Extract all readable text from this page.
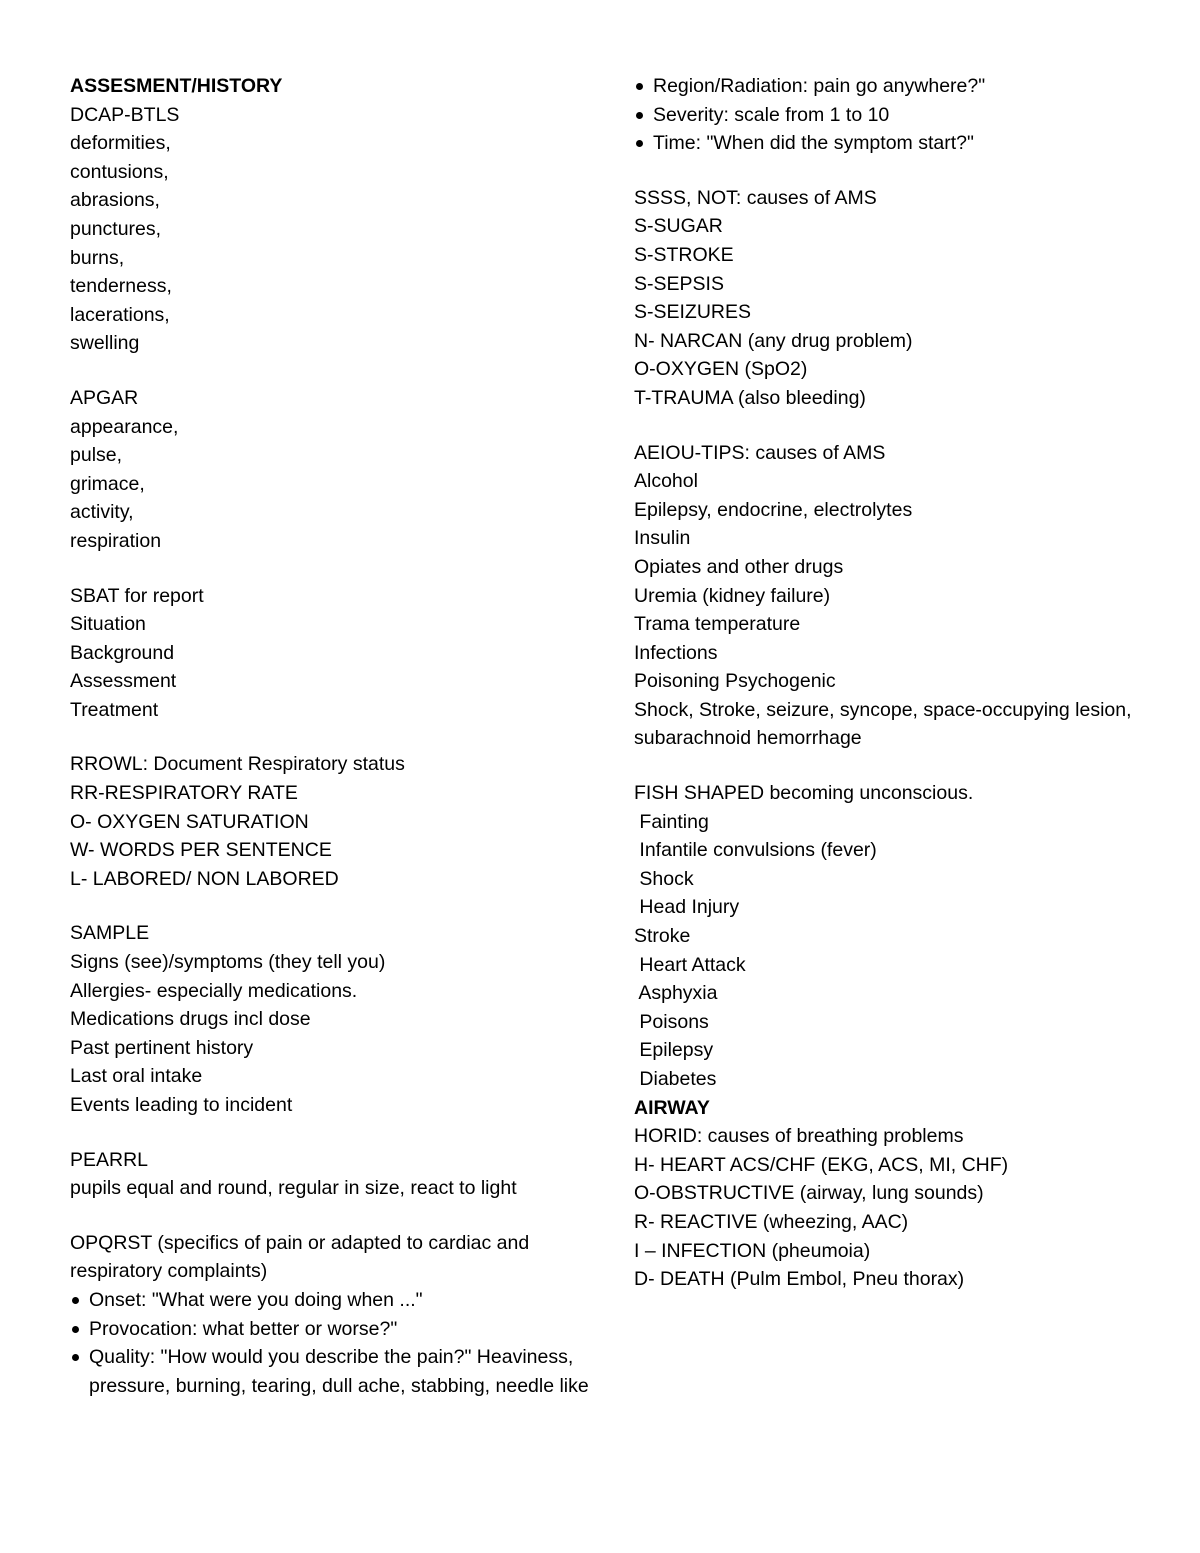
ASSESMENT/HISTORY
DCAP-BTLS
deformities,
contusions,
abrasions,
punctures,
burns,
tenderness,
lacerations,
swelling
APGAR
appearance,
pulse,
grimace,
activity,
respiration
SBAT for report
Situation
Background
Assessment
Treatment
RROWL: Document Respiratory status
RR-RESPIRATORY RATE
O- OXYGEN SATURATION
W- WORDS PER SENTENCE
L- LABORED/ NON LABORED
SAMPLE
Signs (see)/symptoms (they tell you)
Allergies- especially medications.
Medications drugs incl dose
Past pertinent history
Last oral intake
Events leading to incident
PEARRL
pupils equal and round, regular in size, react to light
OPQRST (specifics of pain or adapted to cardiac and respiratory complaints)
Onset: "What were you doing when ..."
Provocation: what better or worse?"
Quality: "How would you describe the pain?" Heaviness, pressure, burning, tearing, dull ache, stabbing, needle like
Region/Radiation: pain go anywhere?"
Severity: scale from 1 to 10
Time: "When did the symptom start?"
SSSS, NOT: causes of AMS
S-SUGAR
S-STROKE
S-SEPSIS
S-SEIZURES
N- NARCAN (any drug problem)
O-OXYGEN (SpO2)
T-TRAUMA (also bleeding)
AEIOU-TIPS: causes of AMS
Alcohol
Epilepsy, endocrine, electrolytes
Insulin
Opiates and other drugs
Uremia (kidney failure)
Trama temperature
Infections
Poisoning Psychogenic
Shock, Stroke, seizure, syncope, space-occupying lesion, subarachnoid hemorrhage
FISH SHAPED becoming unconscious.
Fainting
Infantile convulsions (fever)
Shock
Head Injury
Stroke
Heart Attack
Asphyxia
Poisons
Epilepsy
Diabetes
AIRWAY
HORID: causes of breathing problems
H- HEART ACS/CHF (EKG, ACS, MI, CHF)
O-OBSTRUCTIVE (airway, lung sounds)
R- REACTIVE (wheezing, AAC)
I – INFECTION (pheumoia)
D- DEATH (Pulm Embol, Pneu thorax)
